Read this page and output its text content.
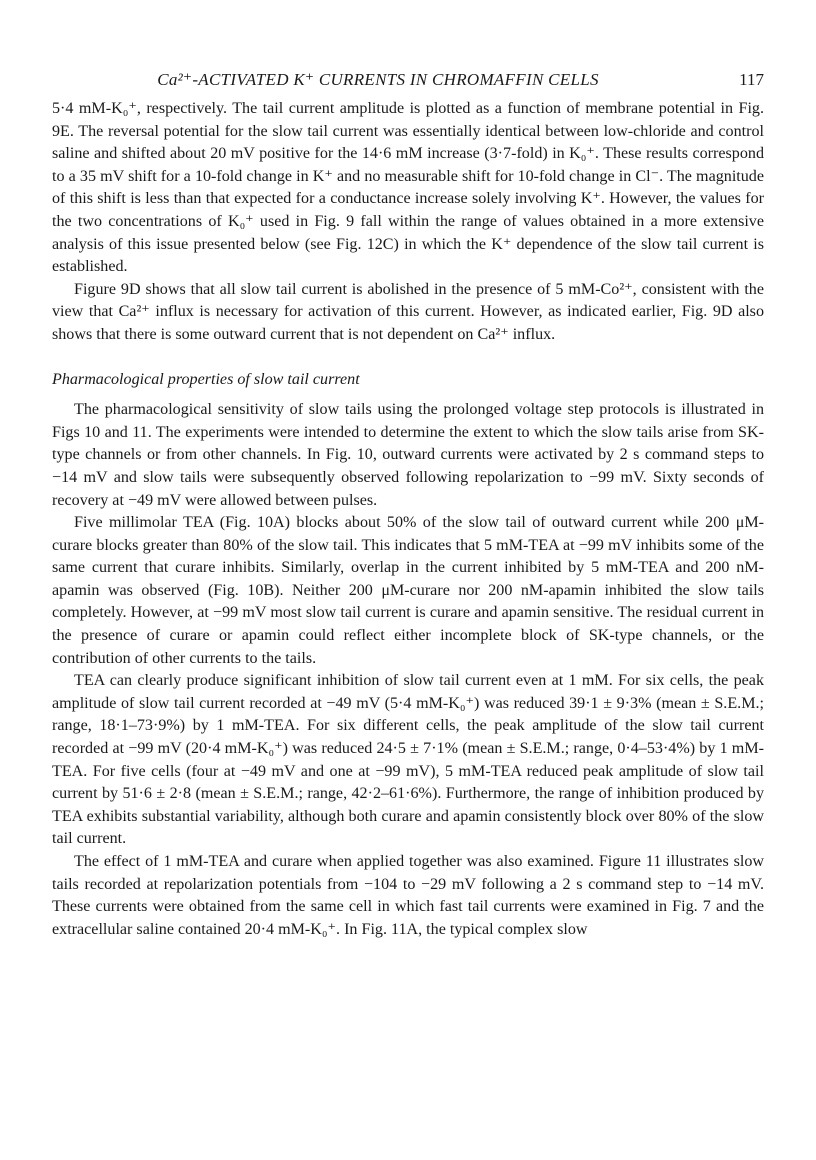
Ca²⁺-ACTIVATED K⁺ CURRENTS IN CHROMAFFIN CELLS	117

5·4 mM-K₀⁺, respectively. The tail current amplitude is plotted as a function of membrane potential in Fig. 9E. The reversal potential for the slow tail current was essentially identical between low-chloride and control saline and shifted about 20 mV positive for the 14·6 mM increase (3·7-fold) in K₀⁺. These results correspond to a 35 mV shift for a 10-fold change in K⁺ and no measurable shift for 10-fold change in Cl⁻. The magnitude of this shift is less than that expected for a conductance increase solely involving K⁺. However, the values for the two concentrations of K₀⁺ used in Fig. 9 fall within the range of values obtained in a more extensive analysis of this issue presented below (see Fig. 12C) in which the K⁺ dependence of the slow tail current is established.

Figure 9D shows that all slow tail current is abolished in the presence of 5 mM-Co²⁺, consistent with the view that Ca²⁺ influx is necessary for activation of this current. However, as indicated earlier, Fig. 9D also shows that there is some outward current that is not dependent on Ca²⁺ influx.

Pharmacological properties of slow tail current

The pharmacological sensitivity of slow tails using the prolonged voltage step protocols is illustrated in Figs 10 and 11. The experiments were intended to determine the extent to which the slow tails arise from SK-type channels or from other channels. In Fig. 10, outward currents were activated by 2 s command steps to −14 mV and slow tails were subsequently observed following repolarization to −99 mV. Sixty seconds of recovery at −49 mV were allowed between pulses.

Five millimolar TEA (Fig. 10A) blocks about 50% of the slow tail of outward current while 200 μM-curare blocks greater than 80% of the slow tail. This indicates that 5 mM-TEA at −99 mV inhibits some of the same current that curare inhibits. Similarly, overlap in the current inhibited by 5 mM-TEA and 200 nM-apamin was observed (Fig. 10B). Neither 200 μM-curare nor 200 nM-apamin inhibited the slow tails completely. However, at −99 mV most slow tail current is curare and apamin sensitive. The residual current in the presence of curare or apamin could reflect either incomplete block of SK-type channels, or the contribution of other currents to the tails.

TEA can clearly produce significant inhibition of slow tail current even at 1 mM. For six cells, the peak amplitude of slow tail current recorded at −49 mV (5·4 mM-K₀⁺) was reduced 39·1 ± 9·3% (mean ± S.E.M.; range, 18·1–73·9%) by 1 mM-TEA. For six different cells, the peak amplitude of the slow tail current recorded at −99 mV (20·4 mM-K₀⁺) was reduced 24·5 ± 7·1% (mean ± S.E.M.; range, 0·4–53·4%) by 1 mM-TEA. For five cells (four at −49 mV and one at −99 mV), 5 mM-TEA reduced peak amplitude of slow tail current by 51·6 ± 2·8 (mean ± S.E.M.; range, 42·2–61·6%). Furthermore, the range of inhibition produced by TEA exhibits substantial variability, although both curare and apamin consistently block over 80% of the slow tail current.

The effect of 1 mM-TEA and curare when applied together was also examined. Figure 11 illustrates slow tails recorded at repolarization potentials from −104 to −29 mV following a 2 s command step to −14 mV. These currents were obtained from the same cell in which fast tail currents were examined in Fig. 7 and the extracellular saline contained 20·4 mM-K₀⁺. In Fig. 11A, the typical complex slow
